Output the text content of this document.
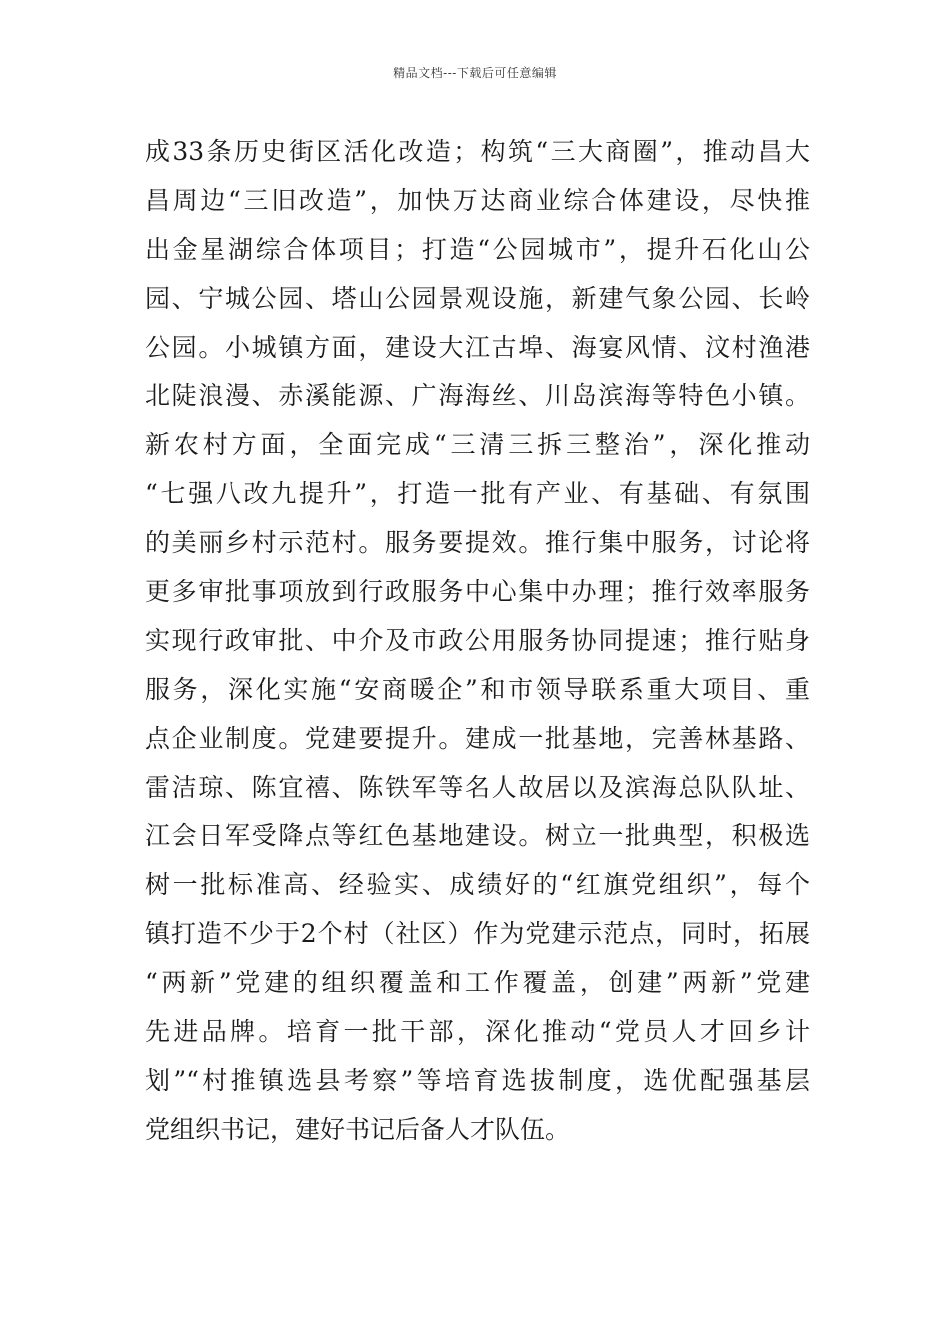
精品文档---下载后可任意编辑
成33条历史街区活化改造；构筑“三大商圈”，推动昌大
昌周边“三旧改造”，加快万达商业综合体建设，尽快推
出金星湖综合体项目；打造“公园城市”，提升石化山公
园、宁城公园、塔山公园景观设施，新建气象公园、长岭
公园。小城镇方面，建设大江古埠、海宴风情、汶村渔港
北陡浪漫、赤溪能源、广海海丝、川岛滨海等特色小镇。
新农村方面，全面完成“三清三拆三整治”，深化推动
“七强八改九提升”，打造一批有产业、有基础、有氛围
的美丽乡村示范村。服务要提效。推行集中服务，讨论将
更多审批事项放到行政服务中心集中办理；推行效率服务
实现行政审批、中介及市政公用服务协同提速；推行贴身
服务，深化实施“安商暖企”和市领导联系重大项目、重
点企业制度。党建要提升。建成一批基地，完善林基路、
雷洁琼、陈宜禧、陈铁军等名人故居以及滨海总队队址、
江会日军受降点等红色基地建设。树立一批典型，积极选
树一批标准高、经验实、成绩好的“红旗党组织”，每个
镇打造不少于2个村（社区）作为党建示范点，同时，拓展
“两新”党建的组织覆盖和工作覆盖，创建”两新”党建
先进品牌。培育一批干部，深化推动“党员人才回乡计
划”“村推镇选县考察”等培育选拔制度，选优配强基层
党组织书记，建好书记后备人才队伍。
